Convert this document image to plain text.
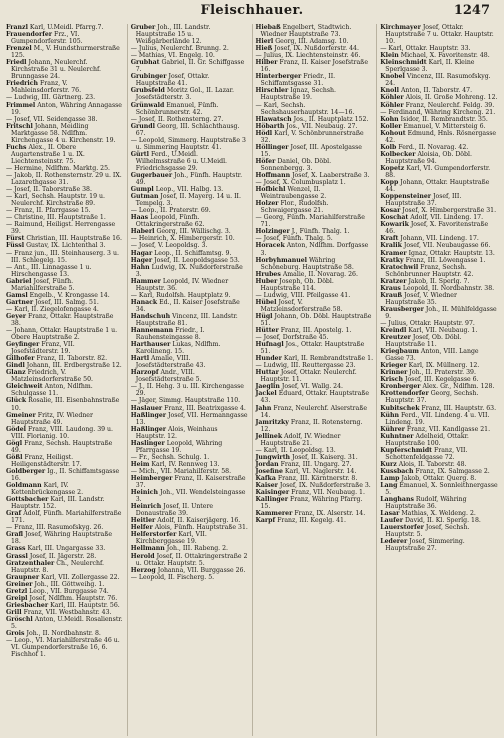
Fleischhauer.	1247

Franzl Karl, U.Meidl. Pfarrg.7.

Frauendorfer Frz., VI. Gumpendorferstr. 105.

Frenzel M., V. Hundsthurmerstraße 125.

Friedl Johann, Neulerchf. Kirchstraße 31 u. Neulerchf. Brunngasse 24.

Friedrich Franz, V. Mahleinsdorferstr. 76.

— Ludwig, III. Gärtnerg. 23.

Frimmel Anton, Währing Annagasse 19.

— Josef, VII. Seidengasse 38.

Fritschl Johann, Meidling Marktgasse 58. Ndlfhm. Kirchengasse 4 u. Kirchenstr. 19.

Fuchs Alex., II. Obere Augartenstraße 1 u. IX. Liechtensteinstr. 75.

— Hermine, Ndlfhm. Marktg. 25.

— Jakob, II. Rothensternstr. 29 u. IX. Lazarethgasse 31.

— Josef, II. Taborstraße 38.

— Karl, Sechsh. Hauptstr. 19 u. Neulerchf. Kirchstraße 89.

— Franz, II. Pfarrgasse 15.

— Christine, III. Hauptstraße 1.

— Raimund, Heiligst. Herrengasse 39.

Fürst Christian, III. Hauptstraße 16.

Füssl Gustav, IX. Lichtenthal 3.

— Franz jun., III. Steinhauserg. 3 u. III. Schlegelg. 15.

— Ant., III. Linnagasse 1 u. Hirschengasse 13.

Gabriel Josef, Fünfh. Mariahilferstraße 5.

Gamsl Engelb., V. Krongasse 14.

Gartner Josef, III. Salmg. 51.

— Karl, II. Ziegelofengasse 4.

Geyer Franz, Ottakr. Hauptstraße 38.

— Johann, Ottakr. Hauptstraße 1 u. Obere Hauptstraße 2.

Geyfinger Franz, VII. Josefstädterstr. 19.

Gilhofer Franz, II. Taborstr. 82.

Gindl Johann, III. Erdbergstraße 12.

Glanz Friedrich, V. Matzleinsdorferstraße 50.

Gleichweit Anton, Ndlfhm. Schulgasse 11.

Glück Rosalie, III. Eisenbahnstraße 10.

Gmeiner Fritz, IV. Wiedner Hauptstraße 49.

Gödel Franz, VIII. Laudong. 39 u. VIII. Florianig. 10.

Gögl Franz, Sechsh. Hauptstraße 49.

Gößl Franz, Heiligst. Heiligenstädterstr. 17.

Goldberger Ig., II. Schiffamtsgasse 16.

Goldmann Karl, IV. Kettenbrückengasse 2.

Gottsbacher Karl, III. Landstr. Hauptstr. 152.

Graf Adolf, Fünfh. Mariahilferstraße 171.

— Franz, III. Rasumofskyg. 26.

Grafl Josef, Währing Hauptstraße 18.

Grass Karl, III. Ungargasse 33.

Grassl Josef, II. Jägerstr. 28.

Gratzenthaler Ch., Neulerchf. Hauptstr. 8.

Graupner Karl, VII. Zollergasse 22.

Greiner Joh., III. Göttweihg. 1.

Gretzl Leop., VII. Burggasse 74.

Greipl Josef, Ndlfhm. Hauptstr. 76.

Griesbacher Karl, III. Hauptstr. 56.

Grill Franz, VII. Westbahnstr. 43.

Gröschl Anton, U.Meidl. Rosalienstr. 5.

Grois Joh., II. Nordbahnstr. 8.

— Leop., VI. Mariahilferstraße 46 u. VI. Gumpendorferstraße 16, 6. Fischhof 1.

Gruber Joh., III. Landstr. Hauptstraße 15 u. Weißgärberlände 12.

— Julius, Neulerchf. Brunng. 2.

— Mathias, VI. Engelg. 10.

Grubhat Gabriel, II. Gr. Schiffgasse 7.

Grubinger Josef, Ottakr. Hauptstraße 41.

Grubsfeld Moritz Gol., II. Lazar. Josefstädterstr. 3.

Grünwald Emanuel, Fünfh. Schönbrunnerstr. 42.

— Josef, II. Rothensterng. 27.

Grundl Georg, III. Schlachthausg. 67.

— Leopold, Simmerg. Hauptstraße 3 u. Simmering Hauptstr. 41.

Gürtl Ferd., U.Meidl. Wilhelmsstraße 6 u. U.Meidl. Friedrichsgasse 29.

Gugerbauer Joh., Fünfh. Hauptstr. 49.

Gumpl Leop., VII. Halbg. 13.

Gutman Josef, II. Mayerg. 14 u. II. Tempelg. 3.

— Leop., II. Praterstr. 69.

Haas Leopold, Fünfh. Ottakringerstraße 62.

Haberl Georg, III. Wällischg. 3.

— Heinrich, X. Himbergerstr. 10.

— Josef, V. Leopoldsg. 3.

Hagar Leop., II. Schiffamtsg. 9.

Hager Josef, II. Leopoldsgasse 53.

Hahn Ludwig, IX. Nußdorferstraße 3.

Hammer Leopold, IV. Wiedner Hauptstr. 36.

— Karl, Rudolfsh. Hauptplatz 9.

Hanack Ed., II. Kaiser Josefstraße 34.

Handschuh Vincenz, III. Landstr. Hauptstraße 81.

Hannemann Friedr., I. Rauhensteingasse 8.

Harthauser Lukas, Ndlfhm. Karolineng. 15.

Hartl Amalie, VIII. Josefstädterstraße 43.

Harzopf Andr., VIII. Josefstädterstraße 5.

— J., II. Hehg. 3 u. III. Kirchengasse 29.

— Jäger, Simmg. Hauptstraße 110.

Haslauer Franz, III. Beatrixgasse 4.

Haßlinger Josef, VII. Hermanngasse 13.

Haßlinger Alois, Weinhaus Hauptstr. 12.

Haslinger Leopold, Währing Pfarrgasse 19.

— Fr., Sechsh. Schulg. 1.

Heim Karl, IV. Rennweg 13.

— Mich., VII. Mariahilferstr. 58.

Heimberger Franz, II. Kaiserstraße 37.

Heinich Joh., VII. Wendelsteingasse 3.

Heinrich Josef, II. Untere Donaustraße 39.

Heitler Adolf, II. Kaiserjägerg. 16.

Helfer Alois, Fünfh. Hauptstraße 31.

Helferstorfer Karl, VII. Kirchberggasse 19.

Hellmann Joh., III. Rabeng. 2.

Herold Josef, II. Ottakringerstraße 2 u. Ottakr. Hauptstr. 5.

Herzog Johanna, VII. Burggasse 26.

— Leopold, II. Fischerg. 5.

Hiebaß Engelbert, Stadtwich. Wiedner Hauptstraße 73.

Hierl Georg, III. Adamsg. 10.

Hieß Josef, IX. Nußdorferstr. 44.

— Julius, IX. Liechtensteinstr. 46.

Hilber Franz, II. Kaiser Josefstraße 16.

Hinterberger Friedr., II. Schiffamtsgasse 31.

Hirschler Ignaz, Sechsh. Hauptstraße 19.

— Karl, Sechsh. Sechshauserhauptstr. 14—16.

Hlawatsch Jos., II. Hauptplatz 152.

Höbarth Jos., VII. Neubaug. 27.

Hödl Karl, V. Schönbrunnerstraße 32.

Höllinger Josef, III. Apostelgasse 15.

Höfer Daniel, Ob. Döbl. Sonnenbergg. 3.

Hoffmann Josef, X. Laaberstraße 3.

— Josef, X. Columbusplatz 1.

Hofbichl Wenzel, II. Weintraubengasse 2.

Holzer Flor., Rudolfsh. Schwaigergasse 21.

— Georg, Fünfh. Mariahilferstraße 71.

Holzinger J., Fünfh. Thalg. 1.

— Josef, Fünfh. Thalg. 5.

Horacek Anton, Ndlfhm. Dorfgasse 3.

Horbyhmanuel Währing Schöneburg. Hauptstraße 58.

Hrubes Amalie, II. Novarag. 26.

Huber Joseph, Ob. Döbl. Hauptstraße 114.

— Ludwig, VIII. Pfeilgasse 41.

Hübel Josef, V. Matzleinsdorferstraße 58.

Hügl Johann, Ob. Döbl. Hauptstraße 51.

Hütter Franz, III. Apostelg. 1.

— Josef, Dorfstraße 45.

Hufnagl Jos., Ottakr. Hauptstraße 51.

Hunder Karl, II. Rembrandtstraße 1.

— Ludwig, III. Reuttergasse 23.

Huttar Josef, Ottakr. Neulerchf. Hauptstr. 11.

Jaeglin Josef, VI. Wallg. 24.

Jackel Eduard, Ottakr. Hauptstraße 43.

Jahn Franz, Neulerchf. Alserstraße 14.

Jamritzky Franz, II. Rotensterng. 12.

Jellinek Adolf, IV. Wiedner Hauptstraße 21.

— Karl, II. Leopoldsg. 13.

Jungwirth Josef, II. Kaiserg. 31.

Jordan Franz, III. Ungarg. 27.

Josefine Karl, VI. Naglerstr. 14.

Kafka Franz, III. Kärntnerstr. 8.

Kaiser Josef, IX. Nußdorferstraße 3.

Kaisinger Franz, VII. Neubaug. 1.

Kallinger Franz, Währing Pfarrg. 15.

Kammerer Franz, IX. Alserstr. 14.

Karpf Franz, III. Kegelg. 41.

Kirchmayer Josef, Ottakr. Hauptstraße 7 u. Ottakr. Hauptstr. 10.

— Karl, Ottakr. Hauptstr. 33.

Klein Michael, X. Favoritenstr. 48.

Kleinschmidt Karl, II. Kleine Sperlgasse 3.

Knobel Vincenz, III. Rasumofskyg. 24.

Knoll Anton, II. Taborstr. 47.

Köhler Alois, II. Große Mohreng. 12.

Köhler Franz, Neulerchf. Feldg. 39.

— Ferdinand, Währing Kircheng. 21.

Kohn Isidor, II. Rembrandtstr. 35.

Koller Emanuel, V. Mittersteig 6.

Kohout Edmund, Hnls. Rösnergasse 42.

Kolb Ferd., II. Novarag. 42.

Kolbecker Aloisia, Ob. Döbl. Hauptstraße 94.

Kopetz Karl, VI. Gumpendorferstr. 88.

Kopp Johann, Ottakr. Hauptstraße 44.

Koppensteiner Josef, III. Hauptstraße 37.

Kosar Josef, X. Himbergerstraße 31.

Koschat Adolf, VII. Lindeng. 17.

Kowarik Josef, X. Favoritenstraße 46.

Kraft Johann, VII. Lindeng. 17.

Kralik Josef, VII. Neubaugasse 66.

Kramer Ignaz, Ottakr. Hauptstr. 13.

Kratky Franz, III. Löwengasse 1.

Kratochwil Franz, Sechsh. Schönbrunner Hauptstr. 42.

Kratzer Jakob, II. Sperlg. 7.

Kraus Leopold, II. Nordbahnstr. 38.

Krauß Josef, V. Wiedner Hauptstraße 35.

Krausberger Joh., II. Mühlfeldgasse 9.

— Julius, Ottakr. Hauptstr. 97.

Kreindl Karl, VII. Neubaug. 1.

Kreutzer Josef, Ob. Döbl. Hauptstraße 11.

Kriegbaum Anton, VIII. Lange Gasse 73.

Krieger Karl, IX. Müllnerg. 12.

Krinner Joh., II. Praterstr. 39.

Krisch Josef, III. Kegelgasse 6.

Kronberger Alex. Gr., Ndlfhm. 128.

Krottendorfer Georg, Sechsh. Hauptstr. 37.

Kubitschek Franz, III. Hauptstr. 63.

Kühn Ferd., VII. Lindeng. 4 u. VII. Lindeng. 19.

Kührer Franz, VII. Kandlgasse 21.

Kuhntner Adelheid, Ottakr. Hauptstraße 100.

Kupferschmidt Franz, VII. Schottenfeldgasse 72.

Kurz Alois, II. Taborstr. 48.

Kussbach Franz, IX. Salmgasse 2.

Lamp Jakob, Ottakr. Querg. 8.

Lang Emanuel, X. Sonnleithnergasse 5.

Langhans Rudolf, Währing Hauptstraße 36.

Lasar Mathias, X. Weldeng. 2.

Laufer David, II. Kl. Sperlg. 18.

Lauerstorfer Josef, Sechsh. Hauptstr. 5.

Lederer Josef, Simmering. Hauptstraße 27.
